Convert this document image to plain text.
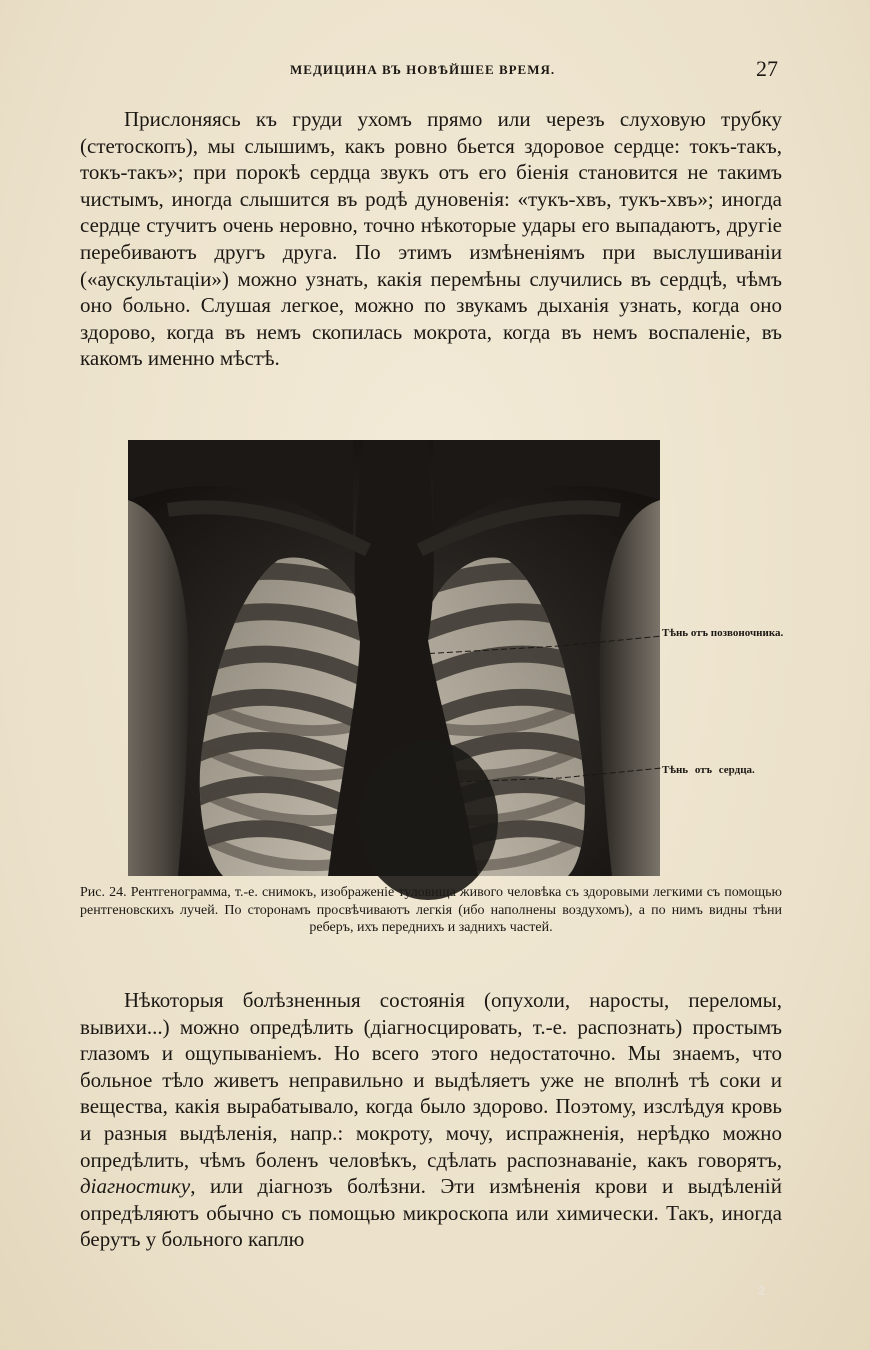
МЕДИЦИНА ВЪ НОВѢЙШЕЕ ВРЕМЯ.	27

Прислоняясь къ груди ухомъ прямо или черезъ слуховую трубку (стетоскопъ), мы слышимъ, какъ ровно бьется здоровое сердце: токъ-такъ, токъ-такъ»; при порокѣ сердца звукъ отъ его біенія становится не такимъ чистымъ, иногда слышится въ родѣ дуновенія: «тукъ-хвъ, тукъ-хвъ»; иногда сердце стучитъ очень неровно, точно нѣкоторые удары его выпадаютъ, другіе перебиваютъ другъ друга. По этимъ измѣненіямъ при выслушиваніи («аускультаціи») можно узнать, какія перемѣны случились въ сердцѣ, чѣмъ оно больно. Слушая легкое, можно по звукамъ дыханія узнать, когда оно здорово, когда въ немъ скопилась мокрота, когда въ немъ воспаленіе, въ какомъ именно мѣстѣ.

2
Тѣнь отъ позвоночника.
Тѣнь отъ сердца.

Рис. 24. Рентгенограмма, т.-е. снимокъ, изображеніе туловища живого человѣка съ здоровыми легкими съ помощью рентгеновскихъ лучей. По сторонамъ просвѣчиваютъ легкія (ибо наполнены воздухомъ), а по нимъ видны тѣни реберъ, ихъ переднихъ и заднихъ частей.

Нѣкоторыя болѣзненныя состоянія (опухоли, наросты, переломы, вывихи...) можно опредѣлить (діагносцировать, т.-е. распознать) простымъ глазомъ и ощупываніемъ. Но всего этого недостаточно. Мы знаемъ, что больное тѣло живетъ неправильно и выдѣляетъ уже не вполнѣ тѣ соки и вещества, какія вырабатывало, когда было здорово. Поэтому, изслѣдуя кровь и разныя выдѣленія, напр.: мокроту, мочу, испражненія, нерѣдко можно опредѣлить, чѣмъ боленъ человѣкъ, сдѣлать распознаваніе, какъ говорятъ, діагностику, или діагнозъ болѣзни. Эти измѣненія крови и выдѣленій опредѣляютъ обычно съ помощью микроскопа или химически. Такъ, иногда берутъ у больного каплю
